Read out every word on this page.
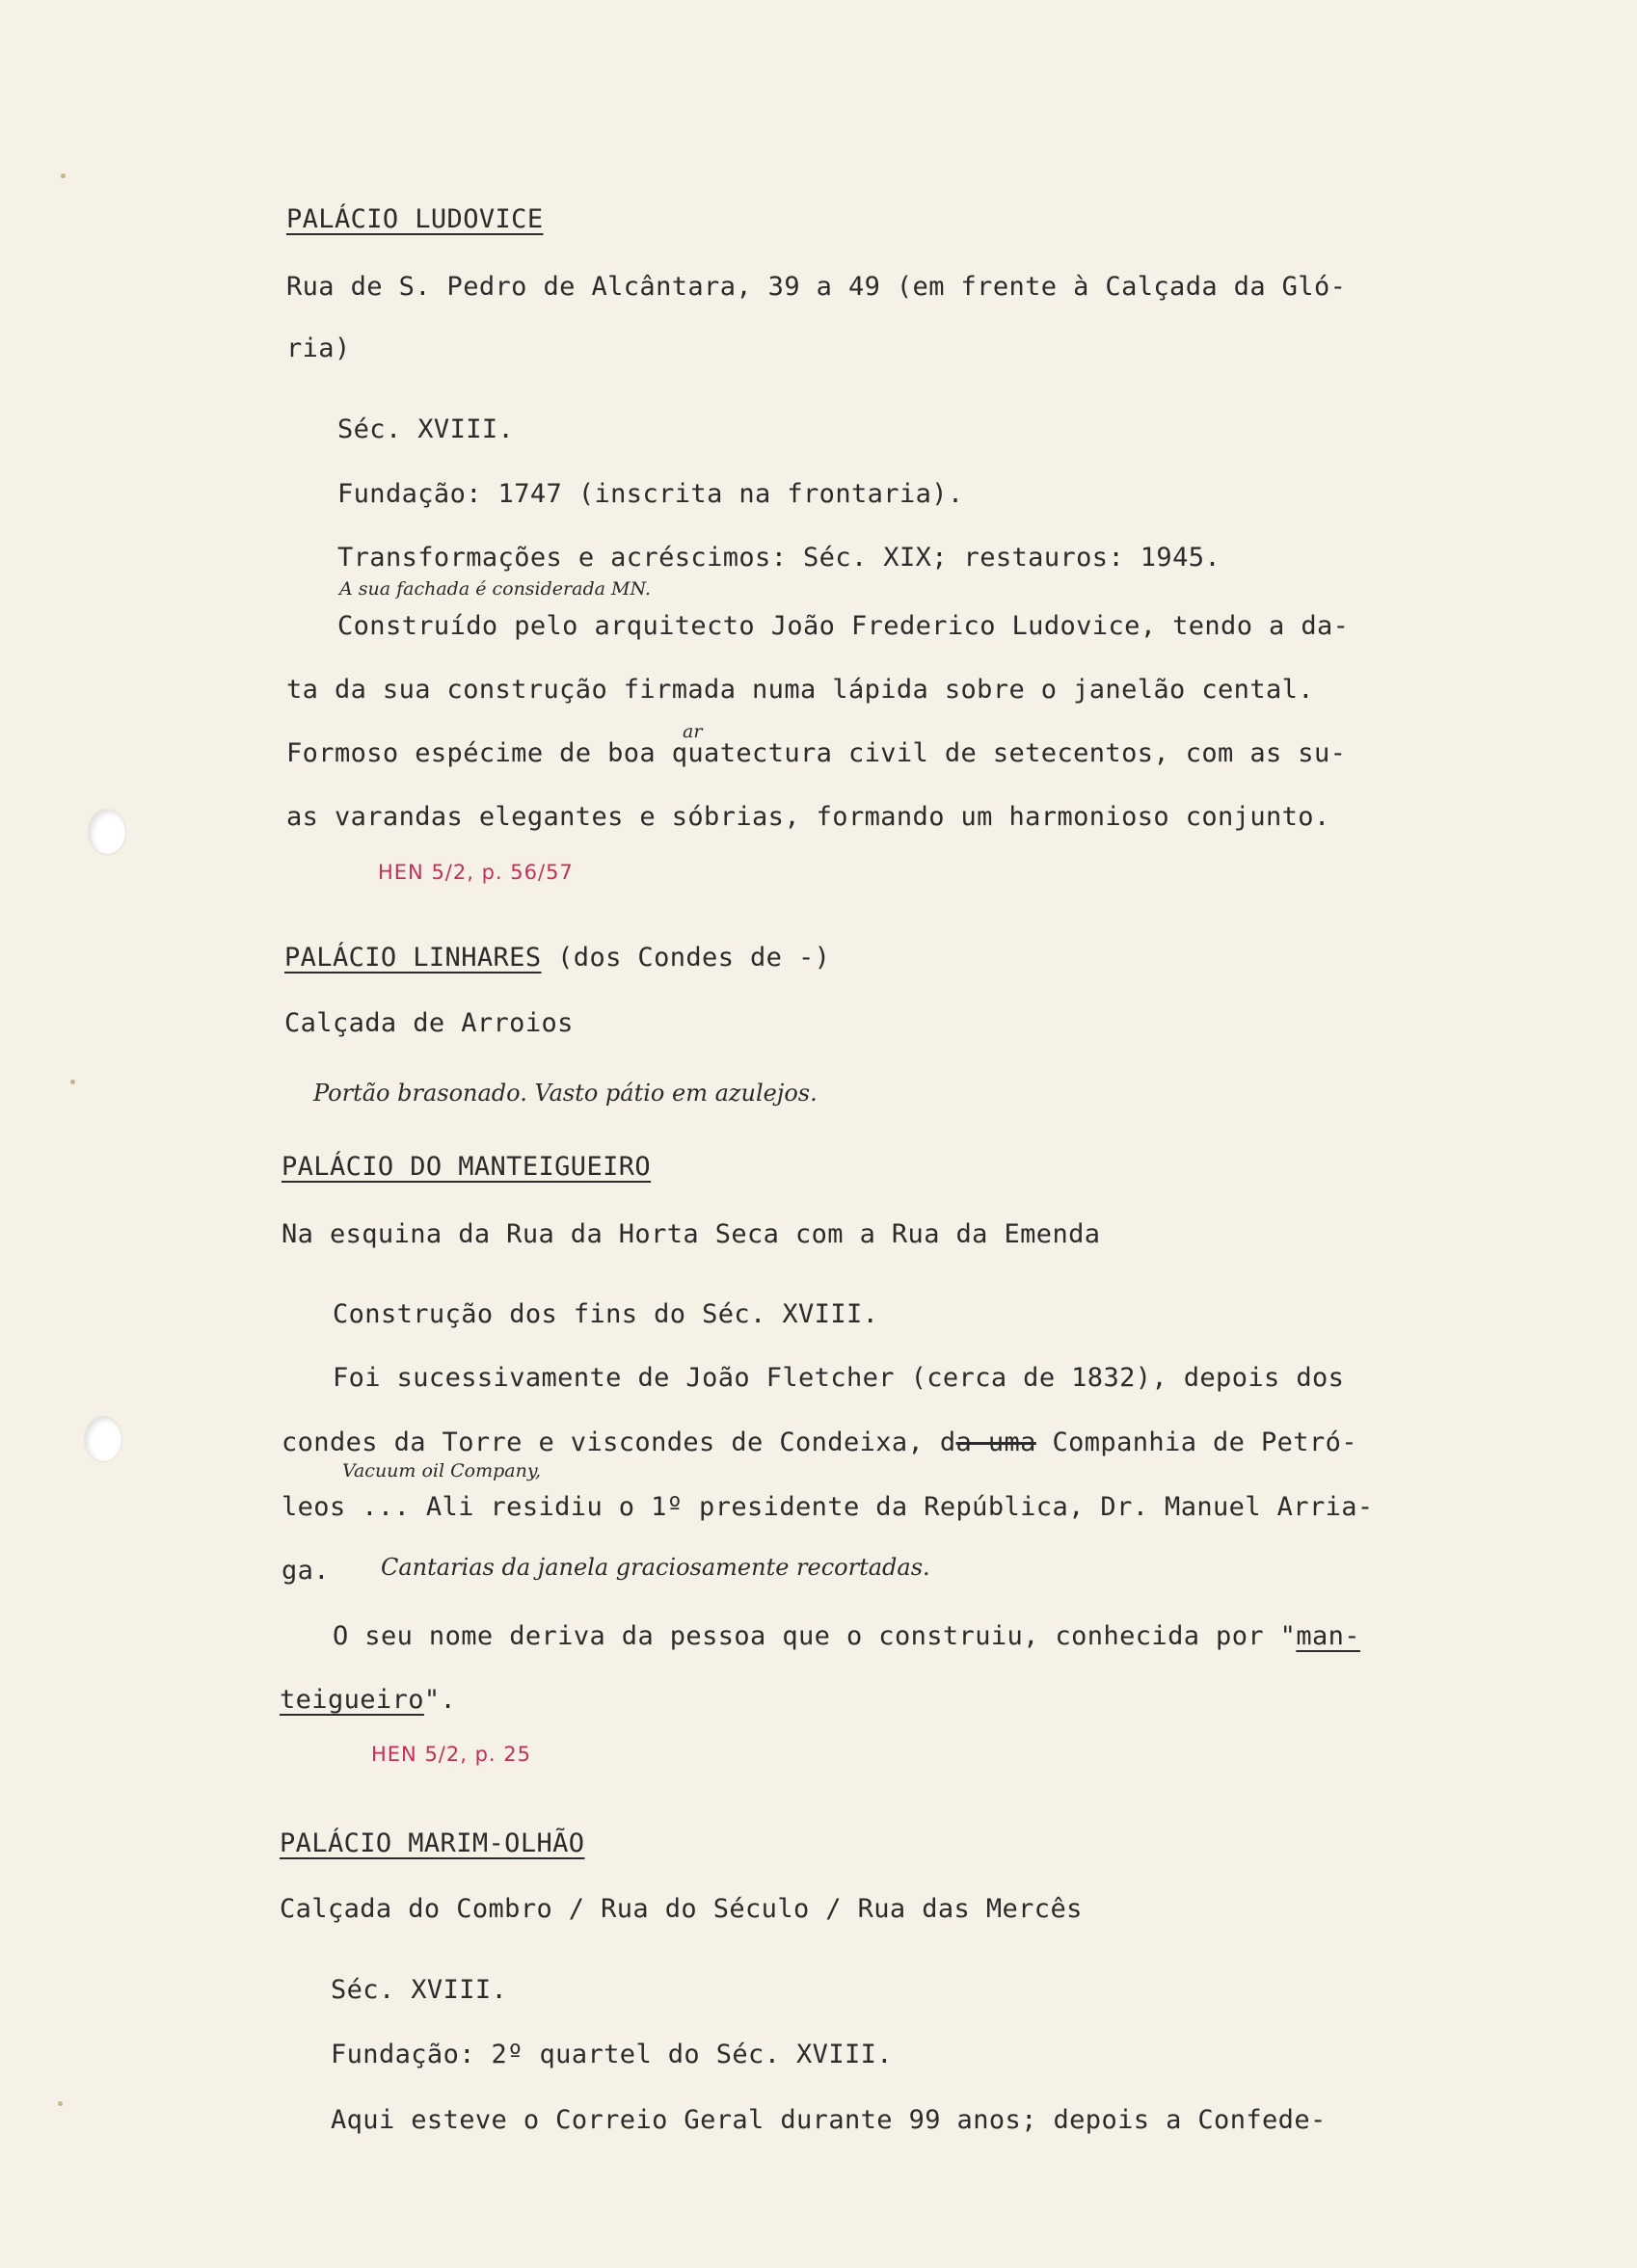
PALÁCIO LUDOVICE
Rua de S. Pedro de Alcântara, 39 a 49 (em frente à Calçada da Gló-
ria)
Séc. XVIII.
Fundação: 1747 (inscrita na frontaria).
Transformações e acréscimos: Séc. XIX; restauros: 1945.
A sua fachada é considerada MN.
Construído pelo arquitecto João Frederico Ludovice, tendo a da-
ta da sua construção firmada numa lápida sobre o janelão cental.
ar
Formoso espécime de boa quatectura civil de setecentos, com as su-
as varandas elegantes e sóbrias, formando um harmonioso conjunto.
HEN 5/2, p. 56/57
PALÁCIO LINHARES (dos Condes de -)
Calçada de Arroios
Portão brasonado. Vasto pátio em azulejos.
PALÁCIO DO MANTEIGUEIRO
Na esquina da Rua da Horta Seca com a Rua da Emenda
Construção dos fins do Séc. XVIII.
Foi sucessivamente de João Fletcher (cerca de 1832), depois dos
condes da Torre e viscondes de Condeixa, da uma Companhia de Petró-
Vacuum oil Company,
leos ... Ali residiu o 1º presidente da República, Dr. Manuel Arria-
ga. Cantarias da janela graciosamente recortadas.
O seu nome deriva da pessoa que o construiu, conhecida por "man-
teigueiro".
HEN 5/2, p. 25
PALÁCIO MARIM-OLHÃO
Calçada do Combro / Rua do Século / Rua das Mercês
Séc. XVIII.
Fundação: 2º quartel do Séc. XVIII.
Aqui esteve o Correio Geral durante 99 anos; depois a Confede-
